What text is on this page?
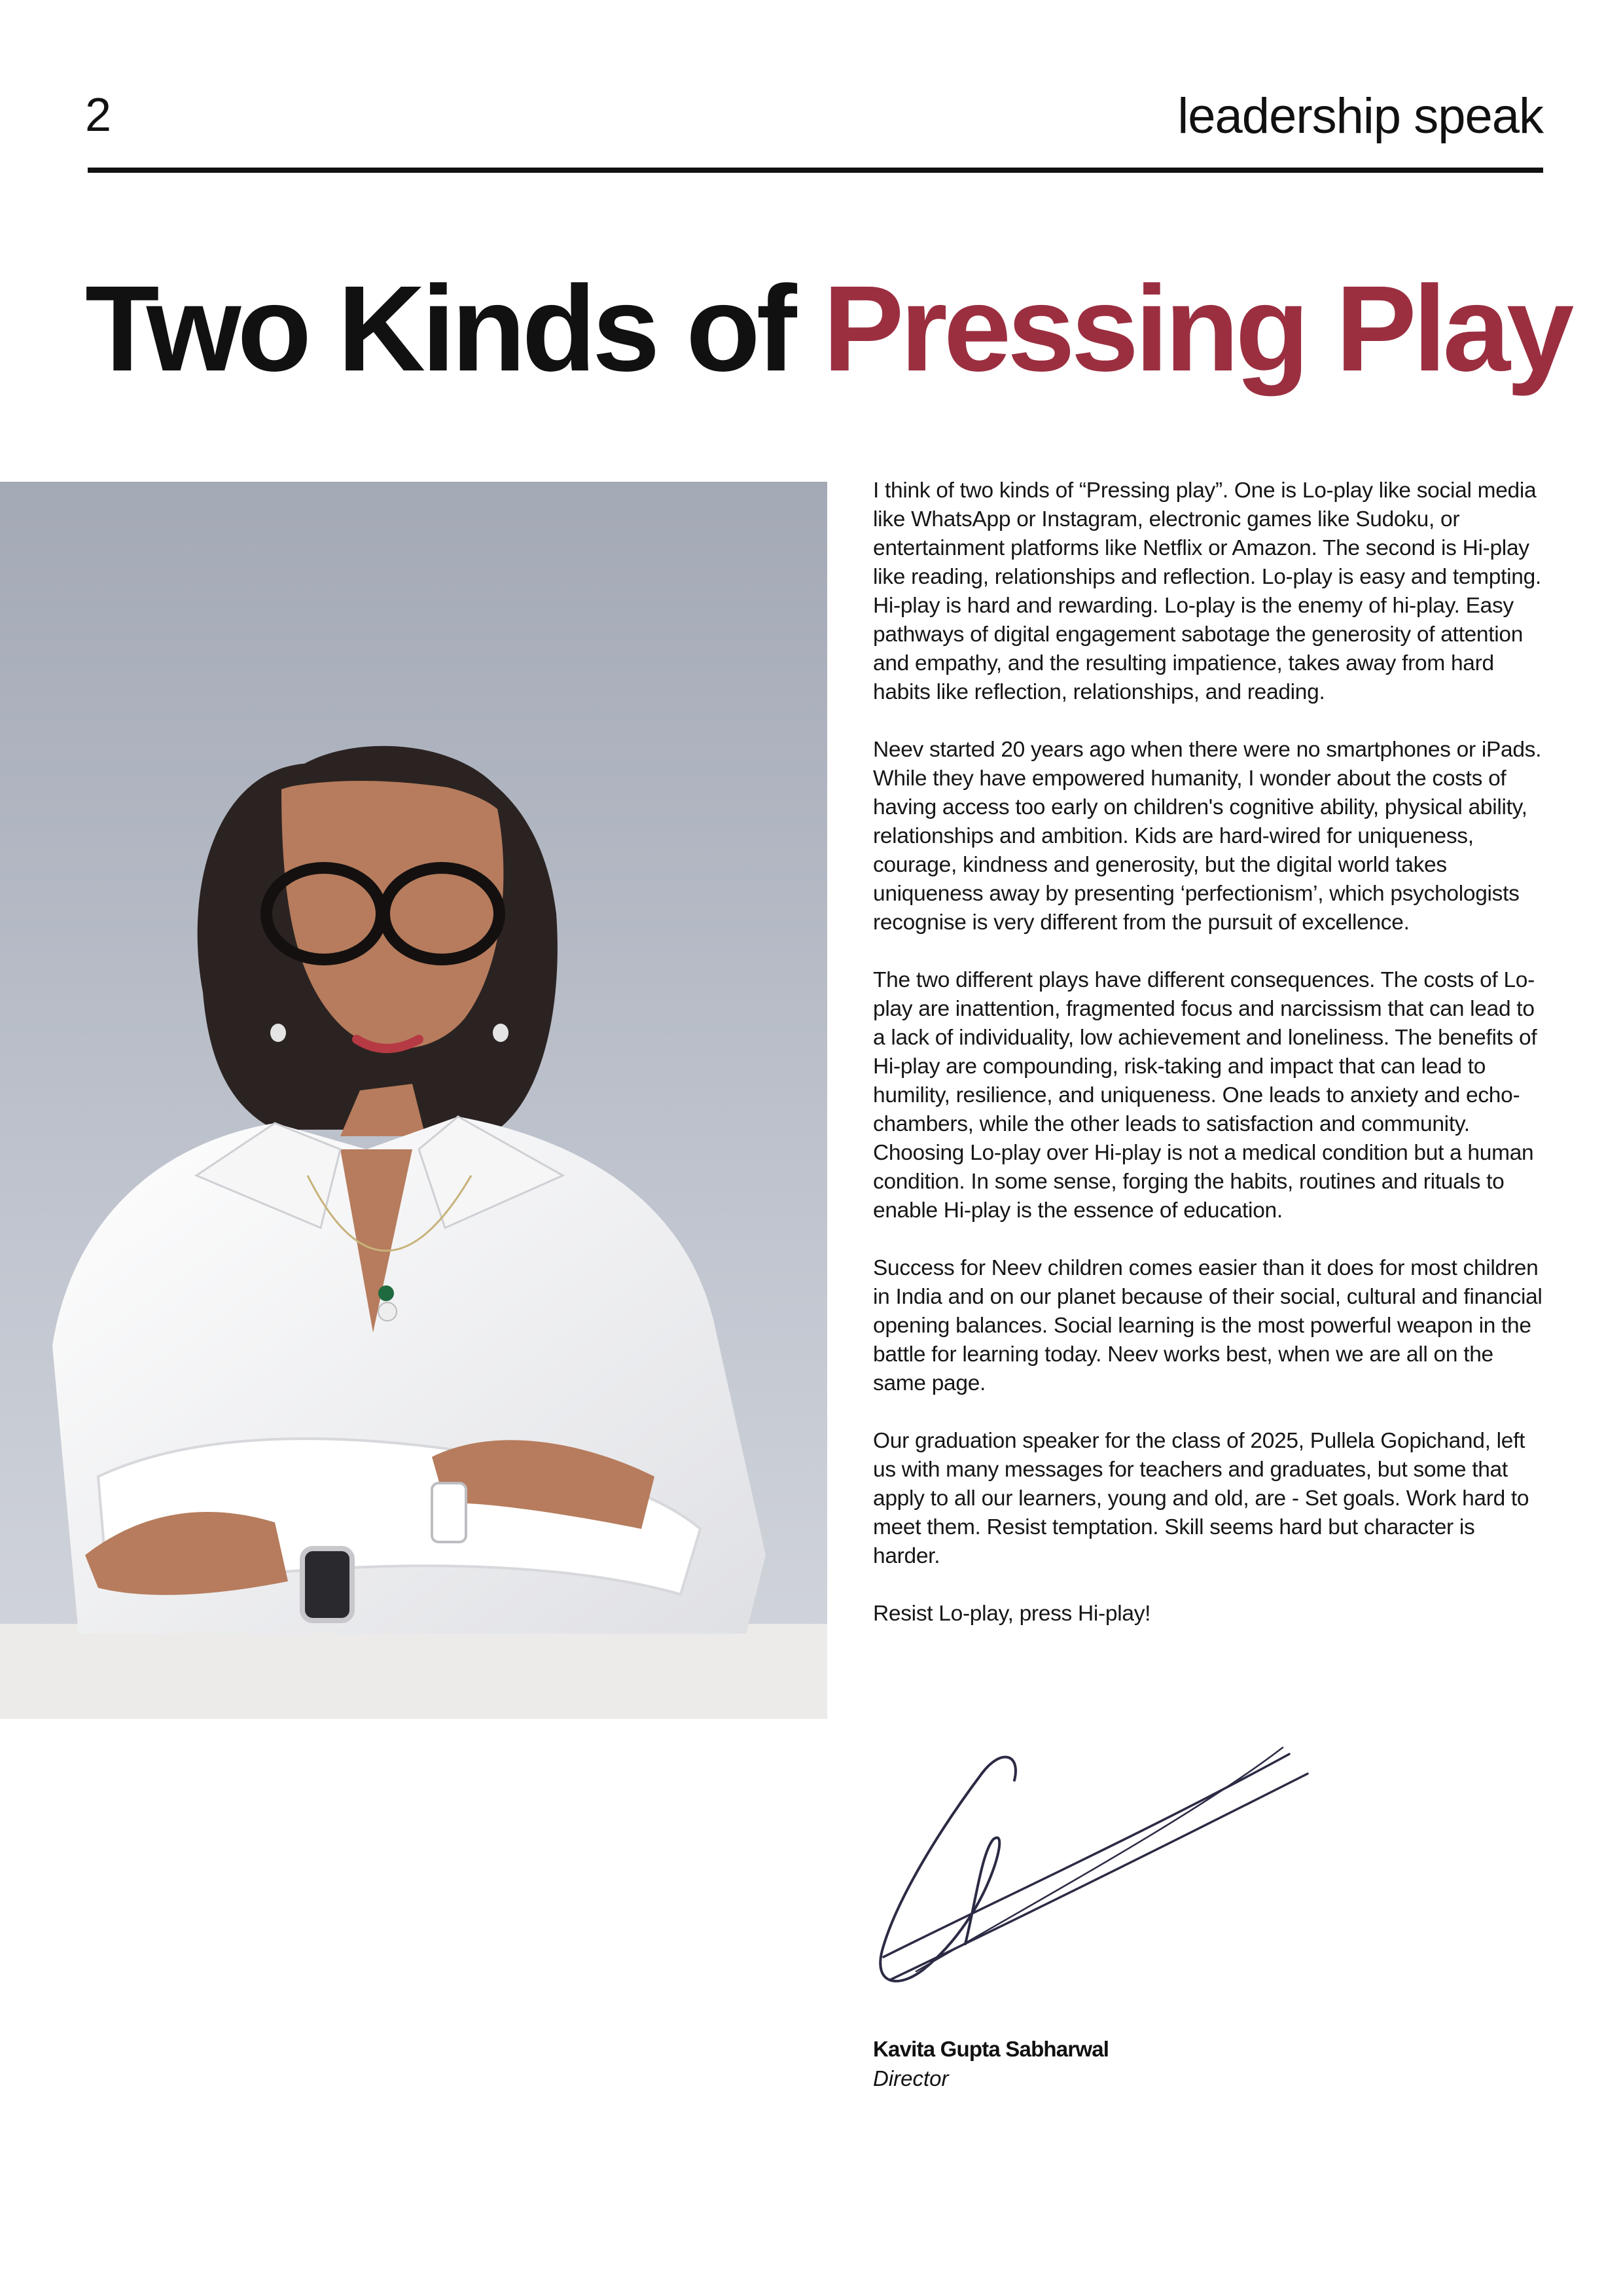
2	leadership speak
Two Kinds of Pressing Play

I think of two kinds of “Pressing play”. One is Lo-play like social media like WhatsApp or Instagram, electronic games like Sudoku, or entertainment platforms like Netflix or Amazon. The second is Hi-play like reading, relationships and reflection. Lo-play is easy and tempting. Hi-play is hard and rewarding. Lo-play is the enemy of hi-play. Easy pathways of digital engagement sabotage the generosity of attention and empathy, and the resulting impatience, takes away from hard habits like reflection, relationships, and reading.

Neev started 20 years ago when there were no smartphones or iPads. While they have empowered humanity, I wonder about the costs of having access too early on children's cognitive ability, physical ability, relationships and ambition. Kids are hard-wired for uniqueness, courage, kindness and generosity, but the digital world takes uniqueness away by presenting ‘perfectionism’, which psychologists recognise is very different from the pursuit of excellence.

The two different plays have different consequences. The costs of Lo-play are inattention, fragmented focus and narcissism that can lead to a lack of individuality, low achievement and loneliness. The benefits of Hi-play are compounding, risk-taking and impact that can lead to humility, resilience, and uniqueness. One leads to anxiety and echo-chambers, while the other leads to satisfaction and community. Choosing Lo-play over Hi-play is not a medical condition but a human condition. In some sense, forging the habits, routines and rituals to enable Hi-play is the essence of education.

Success for Neev children comes easier than it does for most children in India and on our planet because of their social, cultural and financial opening balances. Social learning is the most powerful weapon in the battle for learning today. Neev works best, when we are all on the same page.

Our graduation speaker for the class of 2025, Pullela Gopichand, left us with many messages for teachers and graduates, but some that apply to all our learners, young and old, are - Set goals. Work hard to meet them. Resist temptation. Skill seems hard but character is harder.

Resist Lo-play, press Hi-play!

Kavita Gupta Sabharwal
Director
